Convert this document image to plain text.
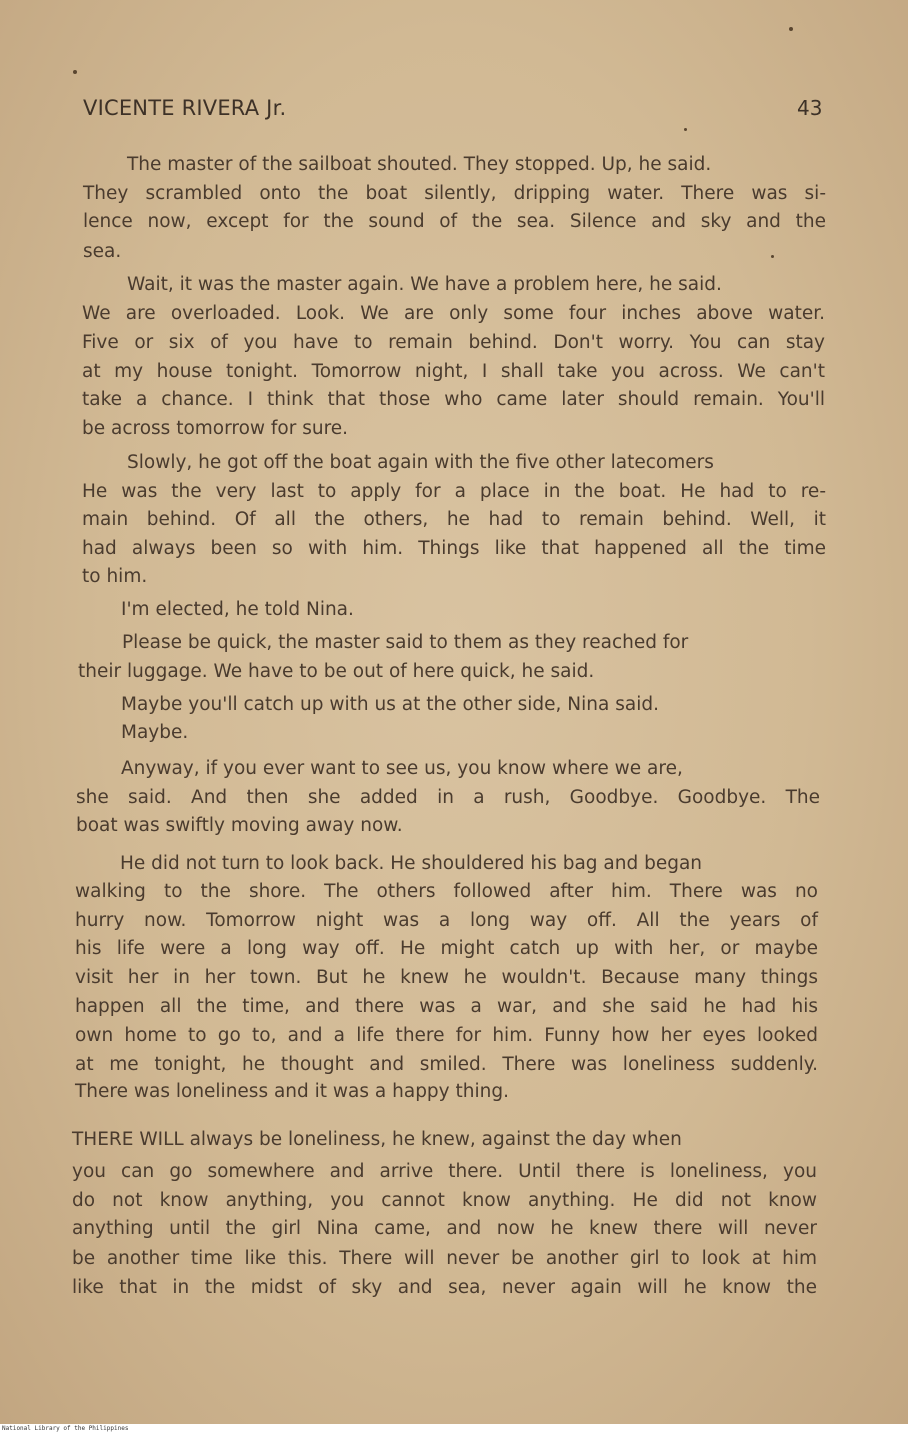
VICENTE RIVERA Jr.	43
The master of the sailboat shouted. They stopped. Up, he said.
They scrambled onto the boat silently, dripping water. There was si-
lence now, except for the sound of the sea. Silence and sky and the
sea.
Wait, it was the master again. We have a problem here, he said.
We are overloaded. Look. We are only some four inches above water.
Five or six of you have to remain behind. Don't worry. You can stay
at my house tonight. Tomorrow night, I shall take you across. We can't
take a chance. I think that those who came later should remain. You'll
be across tomorrow for sure.
Slowly, he got off the boat again with the five other latecomers
He was the very last to apply for a place in the boat. He had to re-
main behind. Of all the others, he had to remain behind. Well, it
had always been so with him. Things like that happened all the time
to him.
I'm elected, he told Nina.
Please be quick, the master said to them as they reached for
their luggage. We have to be out of here quick, he said.
Maybe you'll catch up with us at the other side, Nina said.
Maybe.
Anyway, if you ever want to see us, you know where we are,
she said. And then she added in a rush, Goodbye. Goodbye. The
boat was swiftly moving away now.
He did not turn to look back. He shouldered his bag and began
walking to the shore. The others followed after him. There was no
hurry now. Tomorrow night was a long way off. All the years of
his life were a long way off. He might catch up with her, or maybe
visit her in her town. But he knew he wouldn't. Because many things
happen all the time, and there was a war, and she said he had his
own home to go to, and a life there for him. Funny how her eyes looked
at me tonight, he thought and smiled. There was loneliness suddenly.
There was loneliness and it was a happy thing.
THERE WILL always be loneliness, he knew, against the day when
you can go somewhere and arrive there. Until there is loneliness, you
do not know anything, you cannot know anything. He did not know
anything until the girl Nina came, and now he knew there will never
be another time like this. There will never be another girl to look at him
like that in the midst of sky and sea, never again will he know the
National Library of the Philippines
